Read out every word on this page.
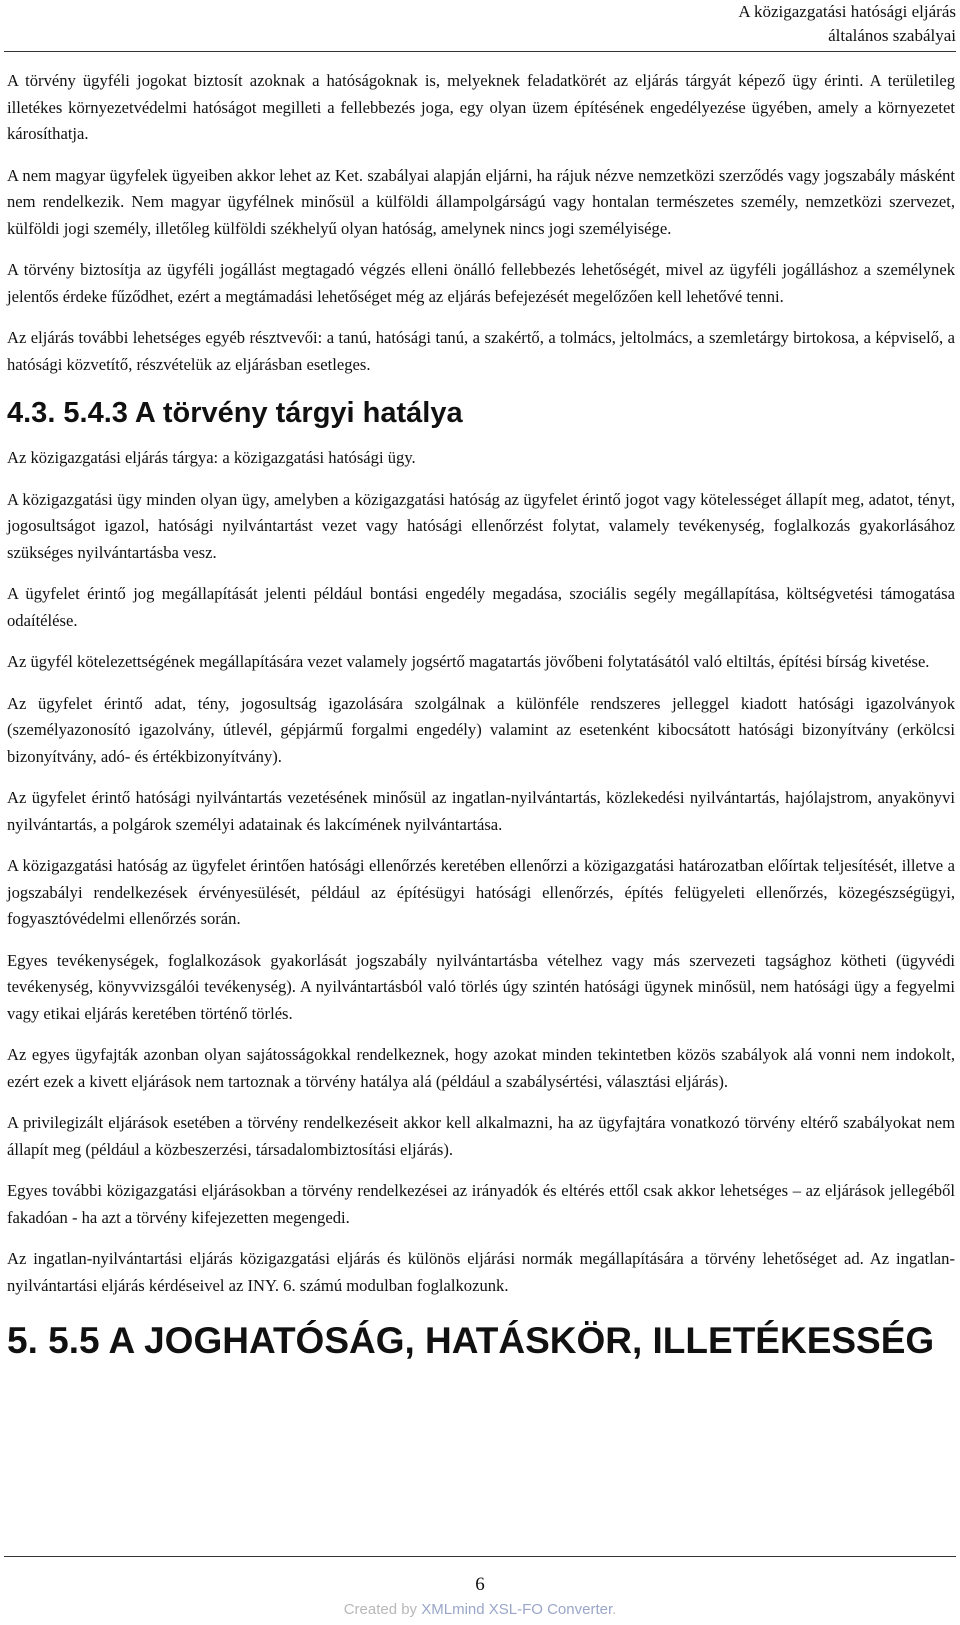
A közigazgatási hatósági eljárás
általános szabályai

A törvény ügyféli jogokat biztosít azoknak a hatóságoknak is, melyeknek feladatkörét az eljárás tárgyát képező ügy érinti. A területileg illetékes környezetvédelmi hatóságot megilleti a fellebbezés joga, egy olyan üzem építésének engedélyezése ügyében, amely a környezetet károsíthatja.

A nem magyar ügyfelek ügyeiben akkor lehet az Ket. szabályai alapján eljárni, ha rájuk nézve nemzetközi szerződés vagy jogszabály másként nem rendelkezik. Nem magyar ügyfélnek minősül a külföldi állampolgárságú vagy hontalan természetes személy, nemzetközi szervezet, külföldi jogi személy, illetőleg külföldi székhelyű olyan hatóság, amelynek nincs jogi személyisége.

A törvény biztosítja az ügyféli jogállást megtagadó végzés elleni önálló fellebbezés lehetőségét, mivel az ügyféli jogálláshoz a személynek jelentős érdeke fűződhet, ezért a megtámadási lehetőséget még az eljárás befejezését megelőzően kell lehetővé tenni.

Az eljárás további lehetséges egyéb résztvevői: a tanú, hatósági tanú, a szakértő, a tolmács, jeltolmács, a szemletárgy birtokosa, a képviselő, a hatósági közvetítő, részvételük az eljárásban esetleges.

4.3. 5.4.3 A törvény tárgyi hatálya

Az közigazgatási eljárás tárgya: a közigazgatási hatósági ügy.

A közigazgatási ügy minden olyan ügy, amelyben a közigazgatási hatóság az ügyfelet érintő jogot vagy kötelességet állapít meg, adatot, tényt, jogosultságot igazol, hatósági nyilvántartást vezet vagy hatósági ellenőrzést folytat, valamely tevékenység, foglalkozás gyakorlásához szükséges nyilvántartásba vesz.

A ügyfelet érintő jog megállapítását jelenti például bontási engedély megadása, szociális segély megállapítása, költségvetési támogatása odaítélése.

Az ügyfél kötelezettségének megállapítására vezet valamely jogsértő magatartás jövőbeni folytatásától való eltiltás, építési bírság kivetése.

Az ügyfelet érintő adat, tény, jogosultság igazolására szolgálnak a különféle rendszeres jelleggel kiadott hatósági igazolványok (személyazonosító igazolvány, útlevél, gépjármű forgalmi engedély) valamint az esetenként kibocsátott hatósági bizonyítvány (erkölcsi bizonyítvány, adó- és értékbizonyítvány).

Az ügyfelet érintő hatósági nyilvántartás vezetésének minősül az ingatlan-nyilvántartás, közlekedési nyilvántartás, hajólajstrom, anyakönyvi nyilvántartás, a polgárok személyi adatainak és lakcímének nyilvántartása.

A közigazgatási hatóság az ügyfelet érintően hatósági ellenőrzés keretében ellenőrzi a közigazgatási határozatban előírtak teljesítését, illetve a jogszabályi rendelkezések érvényesülését, például az építésügyi hatósági ellenőrzés, építés felügyeleti ellenőrzés, közegészségügyi, fogyasztóvédelmi ellenőrzés során.

Egyes tevékenységek, foglalkozások gyakorlását jogszabály nyilvántartásba vételhez vagy más szervezeti tagsághoz kötheti (ügyvédi tevékenység, könyvvizsgálói tevékenység). A nyilvántartásból való törlés úgy szintén hatósági ügynek minősül, nem hatósági ügy a fegyelmi vagy etikai eljárás keretében történő törlés.

Az egyes ügyfajták azonban olyan sajátosságokkal rendelkeznek, hogy azokat minden tekintetben közös szabályok alá vonni nem indokolt, ezért ezek a kivett eljárások nem tartoznak a törvény hatálya alá (például a szabálysértési, választási eljárás).

A privilegizált eljárások esetében a törvény rendelkezéseit akkor kell alkalmazni, ha az ügyfajtára vonatkozó törvény eltérő szabályokat nem állapít meg (például a közbeszerzési, társadalombiztosítási eljárás).

Egyes további közigazgatási eljárásokban a törvény rendelkezései az irányadók és eltérés ettől csak akkor lehetséges – az eljárások jellegéből fakadóan - ha azt a törvény kifejezetten megengedi.

Az ingatlan-nyilvántartási eljárás közigazgatási eljárás és különös eljárási normák megállapítására a törvény lehetőséget ad. Az ingatlan-nyilvántartási eljárás kérdéseivel az INY. 6. számú modulban foglalkozunk.

5. 5.5 A JOGHATÓSÁG, HATÁSKÖR, ILLETÉKESSÉG
6
Created by XMLmind XSL-FO Converter.
